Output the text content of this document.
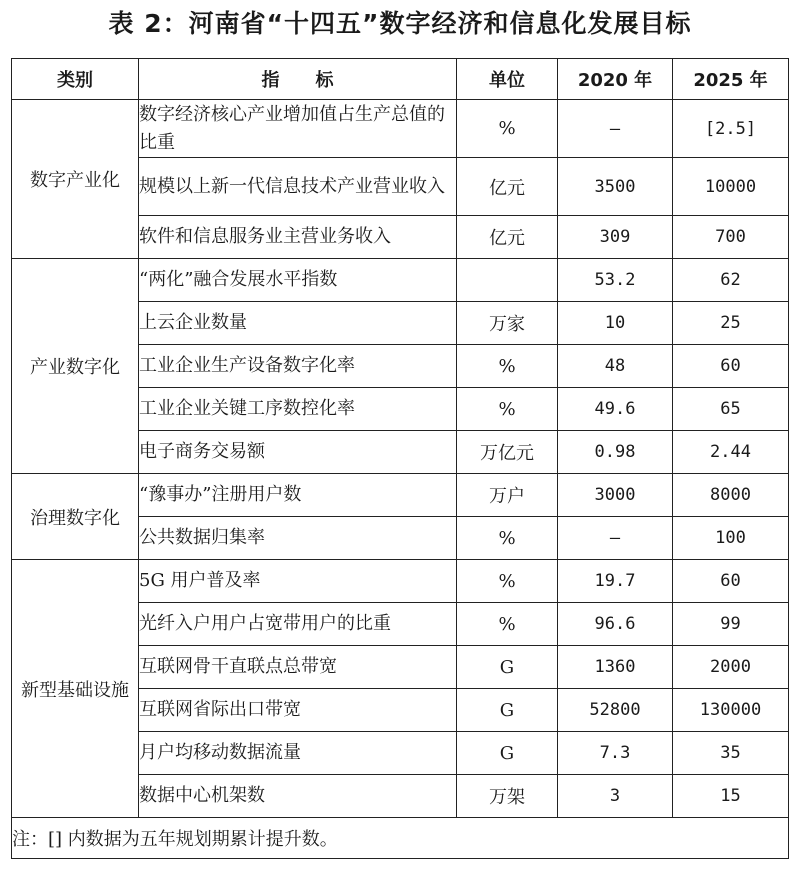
表 2：河南省“十四五”数字经济和信息化发展目标
类别	指　　标	单位	2020 年	2025 年
数字产业化	数字经济核心产业增加值占生产总值的比重	%	—	[2.5]
	规模以上新一代信息技术产业营业收入	亿元	3500	10000
	软件和信息服务业主营业务收入	亿元	309	700
产业数字化	“两化”融合发展水平指数		53.2	62
	上云企业数量	万家	10	25
	工业企业生产设备数字化率	%	48	60
	工业企业关键工序数控化率	%	49.6	65
	电子商务交易额	万亿元	0.98	2.44
治理数字化	“豫事办”注册用户数	万户	3000	8000
	公共数据归集率	%	—	100
新型基础设施	5G 用户普及率	%	19.7	60
	光纤入户用户占宽带用户的比重	%	96.6	99
	互联网骨干直联点总带宽	G	1360	2000
	互联网省际出口带宽	G	52800	130000
	月户均移动数据流量	G	7.3	35
	数据中心机架数	万架	3	15
注：[] 内数据为五年规划期累计提升数。				
